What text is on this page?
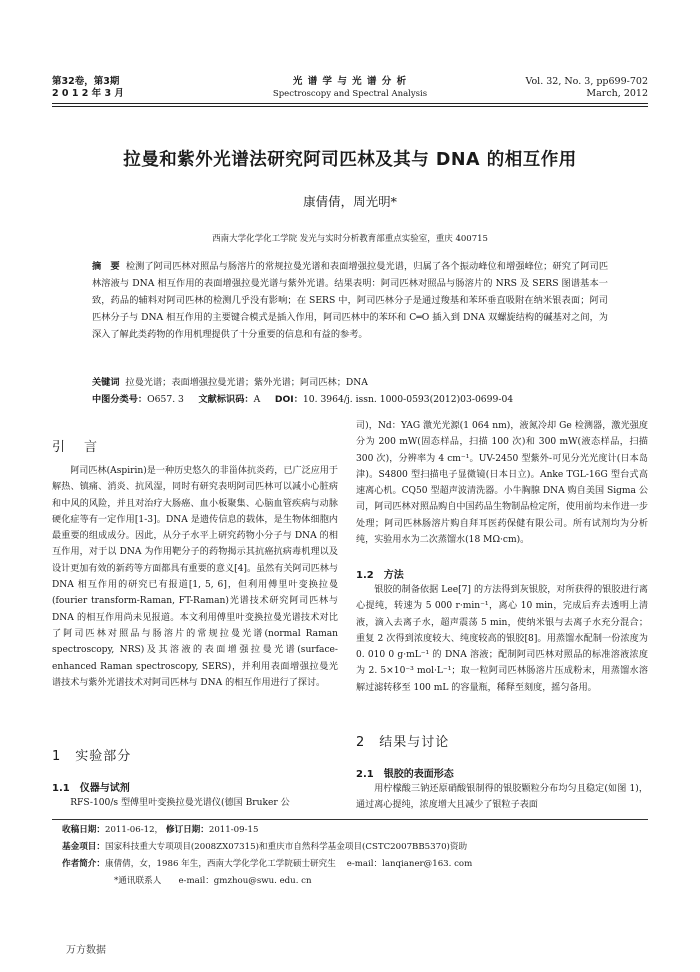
第32卷，第3期
2 0 1 2 年 3 月
光 谱 学 与 光 谱 分 析
Spectroscopy and Spectral Analysis
Vol. 32, No. 3, pp699-702
March, 2012
拉曼和紫外光谱法研究阿司匹林及其与 DNA 的相互作用
康倩倩，周光明*
西南大学化学化工学院 发光与实时分析教育部重点实验室，重庆 400715
摘　要 检测了阿司匹林对照品与肠溶片的常规拉曼光谱和表面增强拉曼光谱，归属了各个振动峰位和增强峰位；研究了阿司匹林溶液与 DNA 相互作用的表面增强拉曼光谱与紫外光谱。结果表明：阿司匹林对照品与肠溶片的 NRS 及 SERS 图谱基本一致，药品的辅料对阿司匹林的检测几乎没有影响；在 SERS 中，阿司匹林分子是通过羧基和苯环垂直吸附在纳米银表面；阿司匹林分子与 DNA 相互作用的主要键合模式是插入作用，阿司匹林中的苯环和 C═O 插入到 DNA 双螺旋结构的碱基对之间，为深入了解此类药物的作用机理提供了十分重要的信息和有益的参考。
关键词 拉曼光谱；表面增强拉曼光谱；紫外光谱；阿司匹林；DNA
中图分类号：O657. 3 文献标识码：A DOI：10. 3964/j. issn. 1000-0593(2012)03-0699-04
引　言
阿司匹林(Aspirin)是一种历史悠久的非甾体抗炎药，已广泛应用于解热、镇痛、消炎、抗风湿，同时有研究表明阿司匹林可以减小心脏病和中风的风险，并且对治疗大肠癌、血小板聚集、心脑血管疾病与动脉硬化症等有一定作用[1-3]。DNA 是遗传信息的载体，是生物体细胞内最重要的组成成分。因此，从分子水平上研究药物小分子与 DNA 的相互作用，对于以 DNA 为作用靶分子的药物揭示其抗癌抗病毒机理以及设计更加有效的新药等方面都具有重要的意义[4]。虽然有关阿司匹林与 DNA 相互作用的研究已有报道[1, 5, 6]，但利用傅里叶变换拉曼(fourier transform-Raman, FT-Raman)光谱技术研究阿司匹林与 DNA 的相互作用尚未见报道。本文利用傅里叶变换拉曼光谱技术对比了阿司匹林对照品与肠溶片的常规拉曼光谱(normal Raman spectroscopy, NRS)及其溶液的表面增强拉曼光谱(surface-enhanced Raman spectroscopy, SERS)，并利用表面增强拉曼光谱技术与紫外光谱技术对阿司匹林与 DNA 的相互作用进行了探讨。
1　实验部分
1.1　仪器与试剂
RFS-100/s 型傅里叶变换拉曼光谱仪(德国 Bruker 公
司)，Nd：YAG 激光光源(1 064 nm)，液氮冷却 Ge 检测器，激光强度分为 200 mW(固态样品，扫描 100 次)和 300 mW(液态样品，扫描 300 次)，分辨率为 4 cm⁻¹。UV-2450 型紫外-可见分光光度计(日本岛津)。S4800 型扫描电子显微镜(日本日立)。Anke TGL-16G 型台式高速离心机。CQ50 型超声波清洗器。小牛胸腺 DNA 购自美国 Sigma 公司，阿司匹林对照品购自中国药品生物制品检定所，使用前均未作进一步处理；阿司匹林肠溶片购自拜耳医药保健有限公司。所有试剂均为分析纯，实验用水为二次蒸馏水(18 MΩ·cm)。
1.2　方法
银胶的制备依据 Lee[7] 的方法得到灰银胶，对所获得的银胶进行离心提纯，转速为 5 000 r·min⁻¹，离心 10 min，完成后弃去透明上清液，滴入去离子水，超声震荡 5 min，使纳米银与去离子水充分混合；重复 2 次得到浓度较大、纯度较高的银胶[8]。用蒸馏水配制一份浓度为 0. 010 0 g·mL⁻¹ 的 DNA 溶液；配制阿司匹林对照品的标准溶液浓度为 2. 5×10⁻³ mol·L⁻¹；取一粒阿司匹林肠溶片压成粉末，用蒸馏水溶解过滤转移至 100 mL 的容量瓶，稀释至刻度，摇匀备用。
2　结果与讨论
2.1　银胶的表面形态
用柠檬酸三钠还原硝酸银制得的银胶颗粒分布均匀且稳定(如图 1)，通过离心提纯，浓度增大且减少了银粒子表面
收稿日期：2011-06-12， 修订日期：2011-09-15
基金项目：国家科技重大专项项目(2008ZX07315)和重庆市自然科学基金项目(CSTC2007BB5370)资助
作者简介：康倩倩，女，1986 年生，西南大学化学化工学院硕士研究生 e-mail：lanqianer@163. com
*通讯联系人　　e-mail：gmzhou@swu. edu. cn
万方数据
